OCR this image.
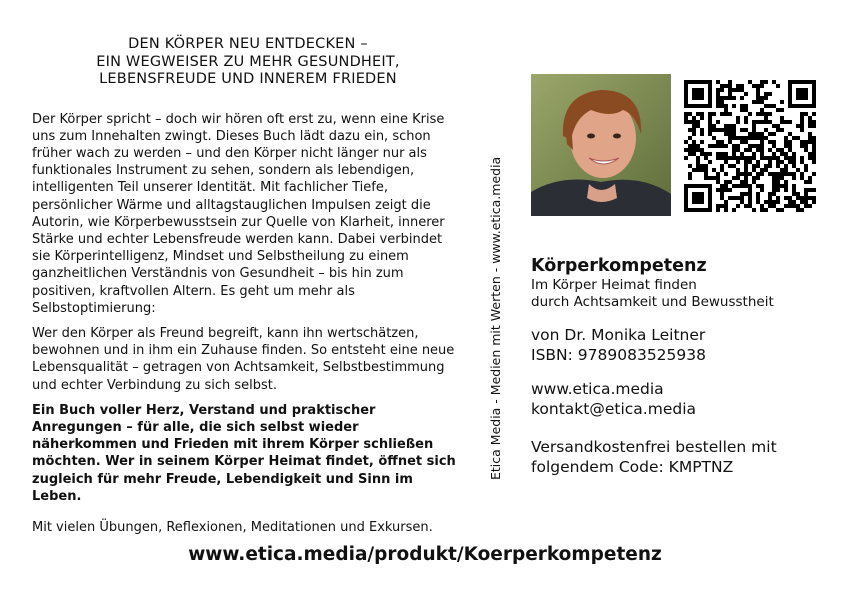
DEN KÖRPER NEU ENTDECKEN –
EIN WEGWEISER ZU MEHR GESUNDHEIT,
LEBENSFREUDE UND INNEREM FRIEDEN

Der Körper spricht – doch wir hören oft erst zu, wenn eine Krise uns zum Innehalten zwingt. Dieses Buch lädt dazu ein, schon früher wach zu werden – und den Körper nicht länger nur als funktionales Instrument zu sehen, sondern als lebendigen, intelligenten Teil unserer Identität. Mit fachlicher Tiefe, persönlicher Wärme und alltagstauglichen Impulsen zeigt die Autorin, wie Körperbewusstsein zur Quelle von Klarheit, innerer Stärke und echter Lebensfreude werden kann. Dabei verbindet sie Körperintelligenz, Mindset und Selbstheilung zu einem ganzheitlichen Verständnis von Gesundheit – bis hin zum positiven, kraftvollen Altern. Es geht um mehr als Selbstoptimierung:

Wer den Körper als Freund begreift, kann ihn wertschätzen, bewohnen und in ihm ein Zuhause finden. So entsteht eine neue Lebensqualität – getragen von Achtsamkeit, Selbstbestimmung und echter Verbindung zu sich selbst.

Ein Buch voller Herz, Verstand und praktischer Anregungen – für alle, die sich selbst wieder näherkommen und Frieden mit ihrem Körper schließen möchten. Wer in seinem Körper Heimat findet, öffnet sich zugleich für mehr Freude, Lebendigkeit und Sinn im Leben.

Mit vielen Übungen, Reflexionen, Meditationen und Exkursen.

Etica Media - Medien mit Werten - www.etica.media Körperkompetenz
Im Körper Heimat finden
durch Achtsamkeit und Bewusstheit
von Dr. Monika Leitner
ISBN: 9789083525938
www.etica.media
kontakt@etica.media
Versandkostenfrei bestellen mit
folgendem Code: KMPTNZ
www.etica.media/produkt/Koerperkompetenz
